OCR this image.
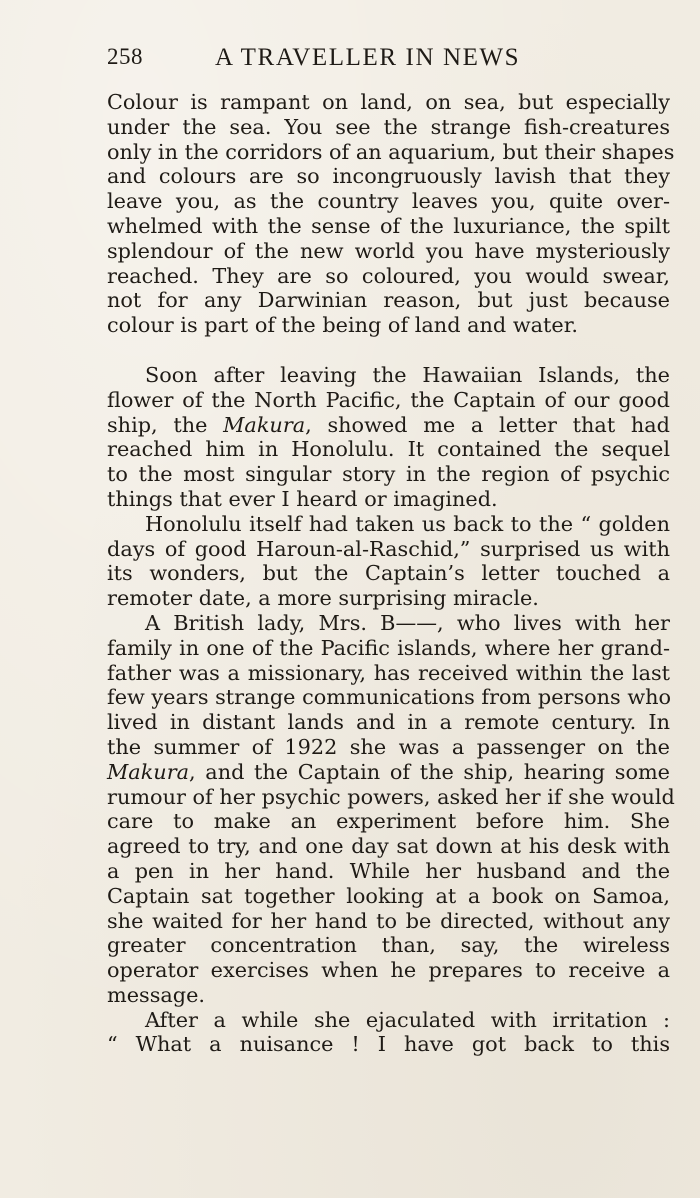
258	A TRAVELLER IN NEWS
Colour is rampant on land, on sea, but especially
under the sea. You see the strange fish-creatures
only in the corridors of an aquarium, but their shapes
and colours are so incongruously lavish that they
leave you, as the country leaves you, quite over-
whelmed with the sense of the luxuriance, the spilt
splendour of the new world you have mysteriously
reached. They are so coloured, you would swear,
not for any Darwinian reason, but just because
colour is part of the being of land and water.
Soon after leaving the Hawaiian Islands, the
flower of the North Pacific, the Captain of our good
ship, the Makura, showed me a letter that had
reached him in Honolulu. It contained the sequel
to the most singular story in the region of psychic
things that ever I heard or imagined.
Honolulu itself had taken us back to the “ golden
days of good Haroun-al-Raschid,” surprised us with
its wonders, but the Captain’s letter touched a
remoter date, a more surprising miracle.
A British lady, Mrs. B——, who lives with her
family in one of the Pacific islands, where her grand-
father was a missionary, has received within the last
few years strange communications from persons who
lived in distant lands and in a remote century. In
the summer of 1922 she was a passenger on the
Makura, and the Captain of the ship, hearing some
rumour of her psychic powers, asked her if she would
care to make an experiment before him. She
agreed to try, and one day sat down at his desk with
a pen in her hand. While her husband and the
Captain sat together looking at a book on Samoa,
she waited for her hand to be directed, without any
greater concentration than, say, the wireless
operator exercises when he prepares to receive a
message.
After a while she ejaculated with irritation :
“ What a nuisance ! I have got back to this
